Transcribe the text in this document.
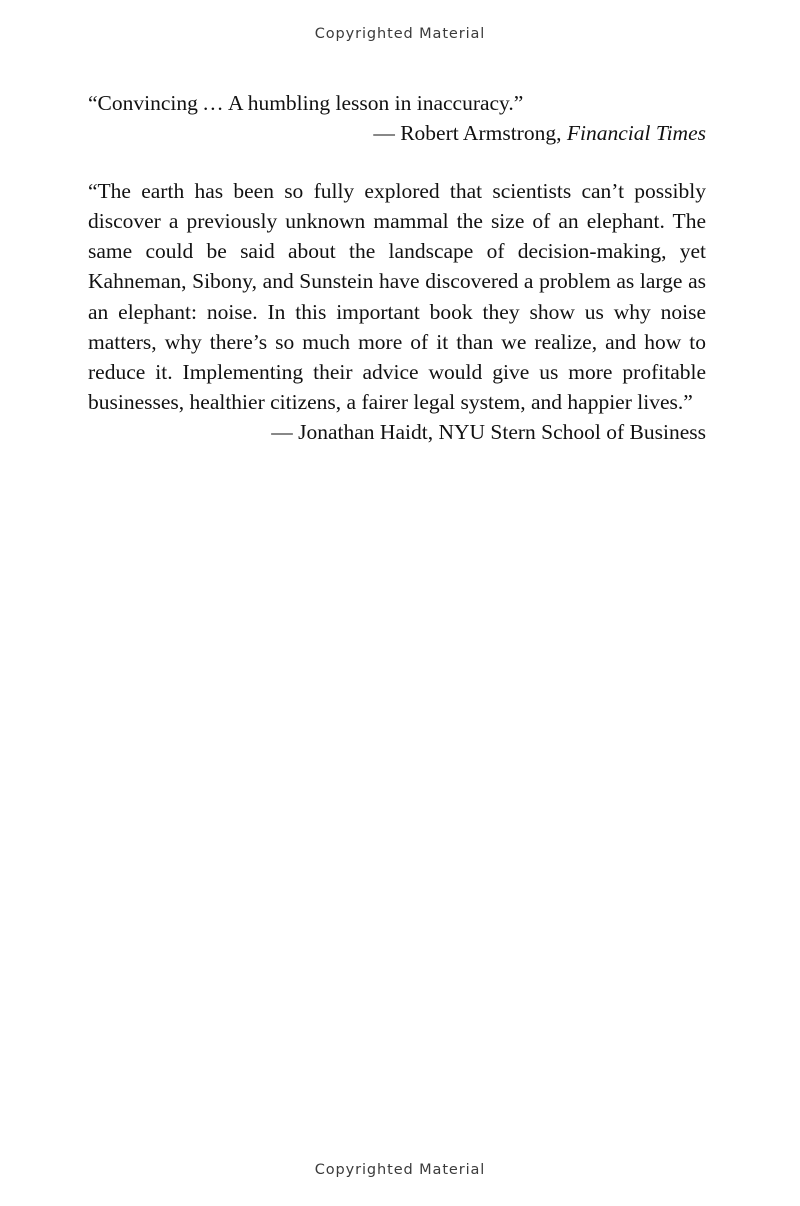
Copyrighted Material

“Convincing … A humbling lesson in inaccuracy.”

— Robert Armstrong, Financial Times

“The earth has been so fully explored that scientists can’t possibly discover a previously unknown mammal the size of an elephant. The same could be said about the landscape of decision-making, yet Kahneman, Sibony, and Sunstein have discovered a problem as large as an elephant: noise. In this important book they show us why noise matters, why there’s so much more of it than we realize, and how to reduce it. Implementing their advice would give us more profitable businesses, healthier citizens, a fairer legal system, and happier lives.”

— Jonathan Haidt, NYU Stern School of Business

Copyrighted Material
